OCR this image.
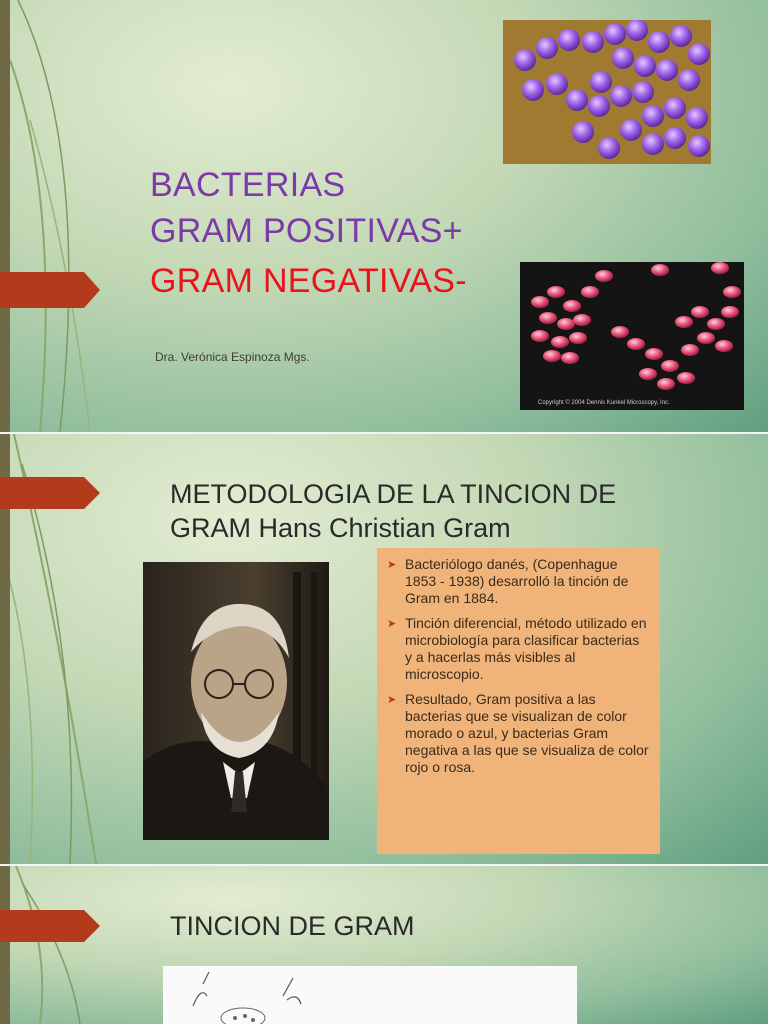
BACTERIAS
GRAM POSITIVAS+
GRAM NEGATIVAS-
Dra. Verónica Espinoza Mgs.
Copyright © 2004 Dennis Kunkel Microscopy, Inc.
METODOLOGIA DE LA TINCION DE
GRAM Hans Christian Gram
➤ Bacteriólogo danés, (Copenhague 1853 - 1938) desarrolló la tinción de Gram en 1884.
➤ Tinción diferencial, método utilizado en microbiología para clasificar bacterias y a hacerlas más visibles al microscopio.
➤ Resultado, Gram positiva a las bacterias que se visualizan de color morado o azul, y bacterias Gram negativa a las que se visualiza de color rojo o rosa.
TINCION DE GRAM
